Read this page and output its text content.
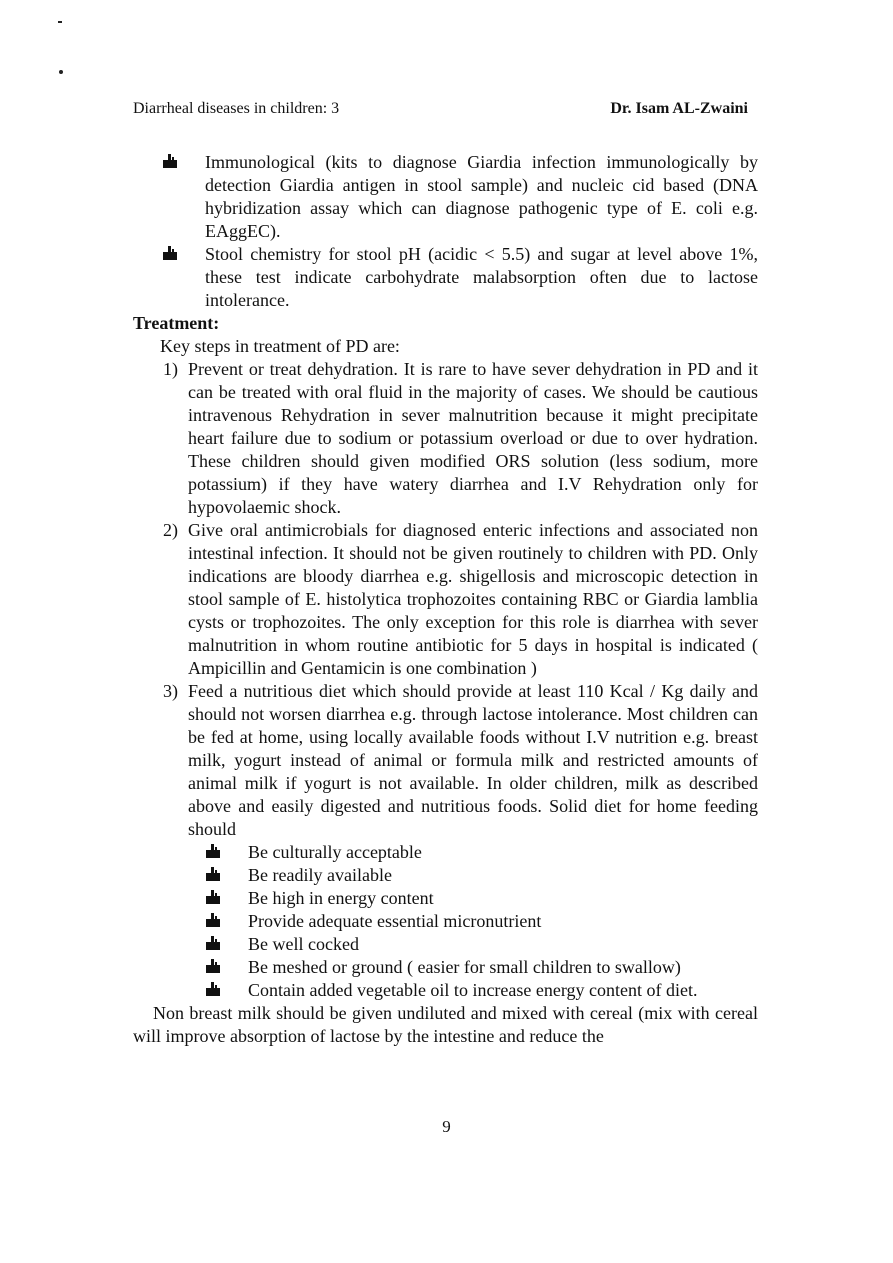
Diarrheal diseases in children: 3	Dr. Isam AL-Zwaini
Immunological (kits to diagnose Giardia infection immunologically by detection Giardia antigen in stool sample) and nucleic cid based (DNA hybridization assay which can diagnose pathogenic type of E. coli e.g. EAggEC).
Stool chemistry for stool pH (acidic < 5.5) and sugar at level above 1%, these test indicate carbohydrate malabsorption often due to lactose intolerance.
Treatment:
Key steps in treatment of PD are:
1) Prevent or treat dehydration. It is rare to have sever dehydration in PD and it can be treated with oral fluid in the majority of cases. We should be cautious intravenous Rehydration in sever malnutrition because it might precipitate heart failure due to sodium or potassium overload or due to over hydration. These children should given modified ORS solution (less sodium, more potassium) if they have watery diarrhea and I.V Rehydration only for hypovolaemic shock.
2) Give oral antimicrobials for diagnosed enteric infections and associated non intestinal infection. It should not be given routinely to children with PD. Only indications are bloody diarrhea e.g. shigellosis and microscopic detection in stool sample of E. histolytica trophozoites containing RBC or Giardia lamblia cysts or trophozoites. The only exception for this role is diarrhea with sever malnutrition in whom routine antibiotic for 5 days in hospital is indicated ( Ampicillin and Gentamicin is one combination )
3) Feed a nutritious diet which should provide at least 110 Kcal / Kg daily and should not worsen diarrhea e.g. through lactose intolerance. Most children can be fed at home, using locally available foods without I.V nutrition e.g. breast milk, yogurt instead of animal or formula milk and restricted amounts of animal milk if yogurt is not available. In older children, milk as described above and easily digested and nutritious foods. Solid diet for home feeding should
Be culturally acceptable
Be readily available
Be high in energy content
Provide adequate essential micronutrient
Be well cocked
Be meshed or ground ( easier for small children to swallow)
Contain added vegetable oil to increase energy content of diet.
Non breast milk should be given undiluted and mixed with cereal (mix with cereal will improve absorption of lactose by the intestine and reduce the
9
